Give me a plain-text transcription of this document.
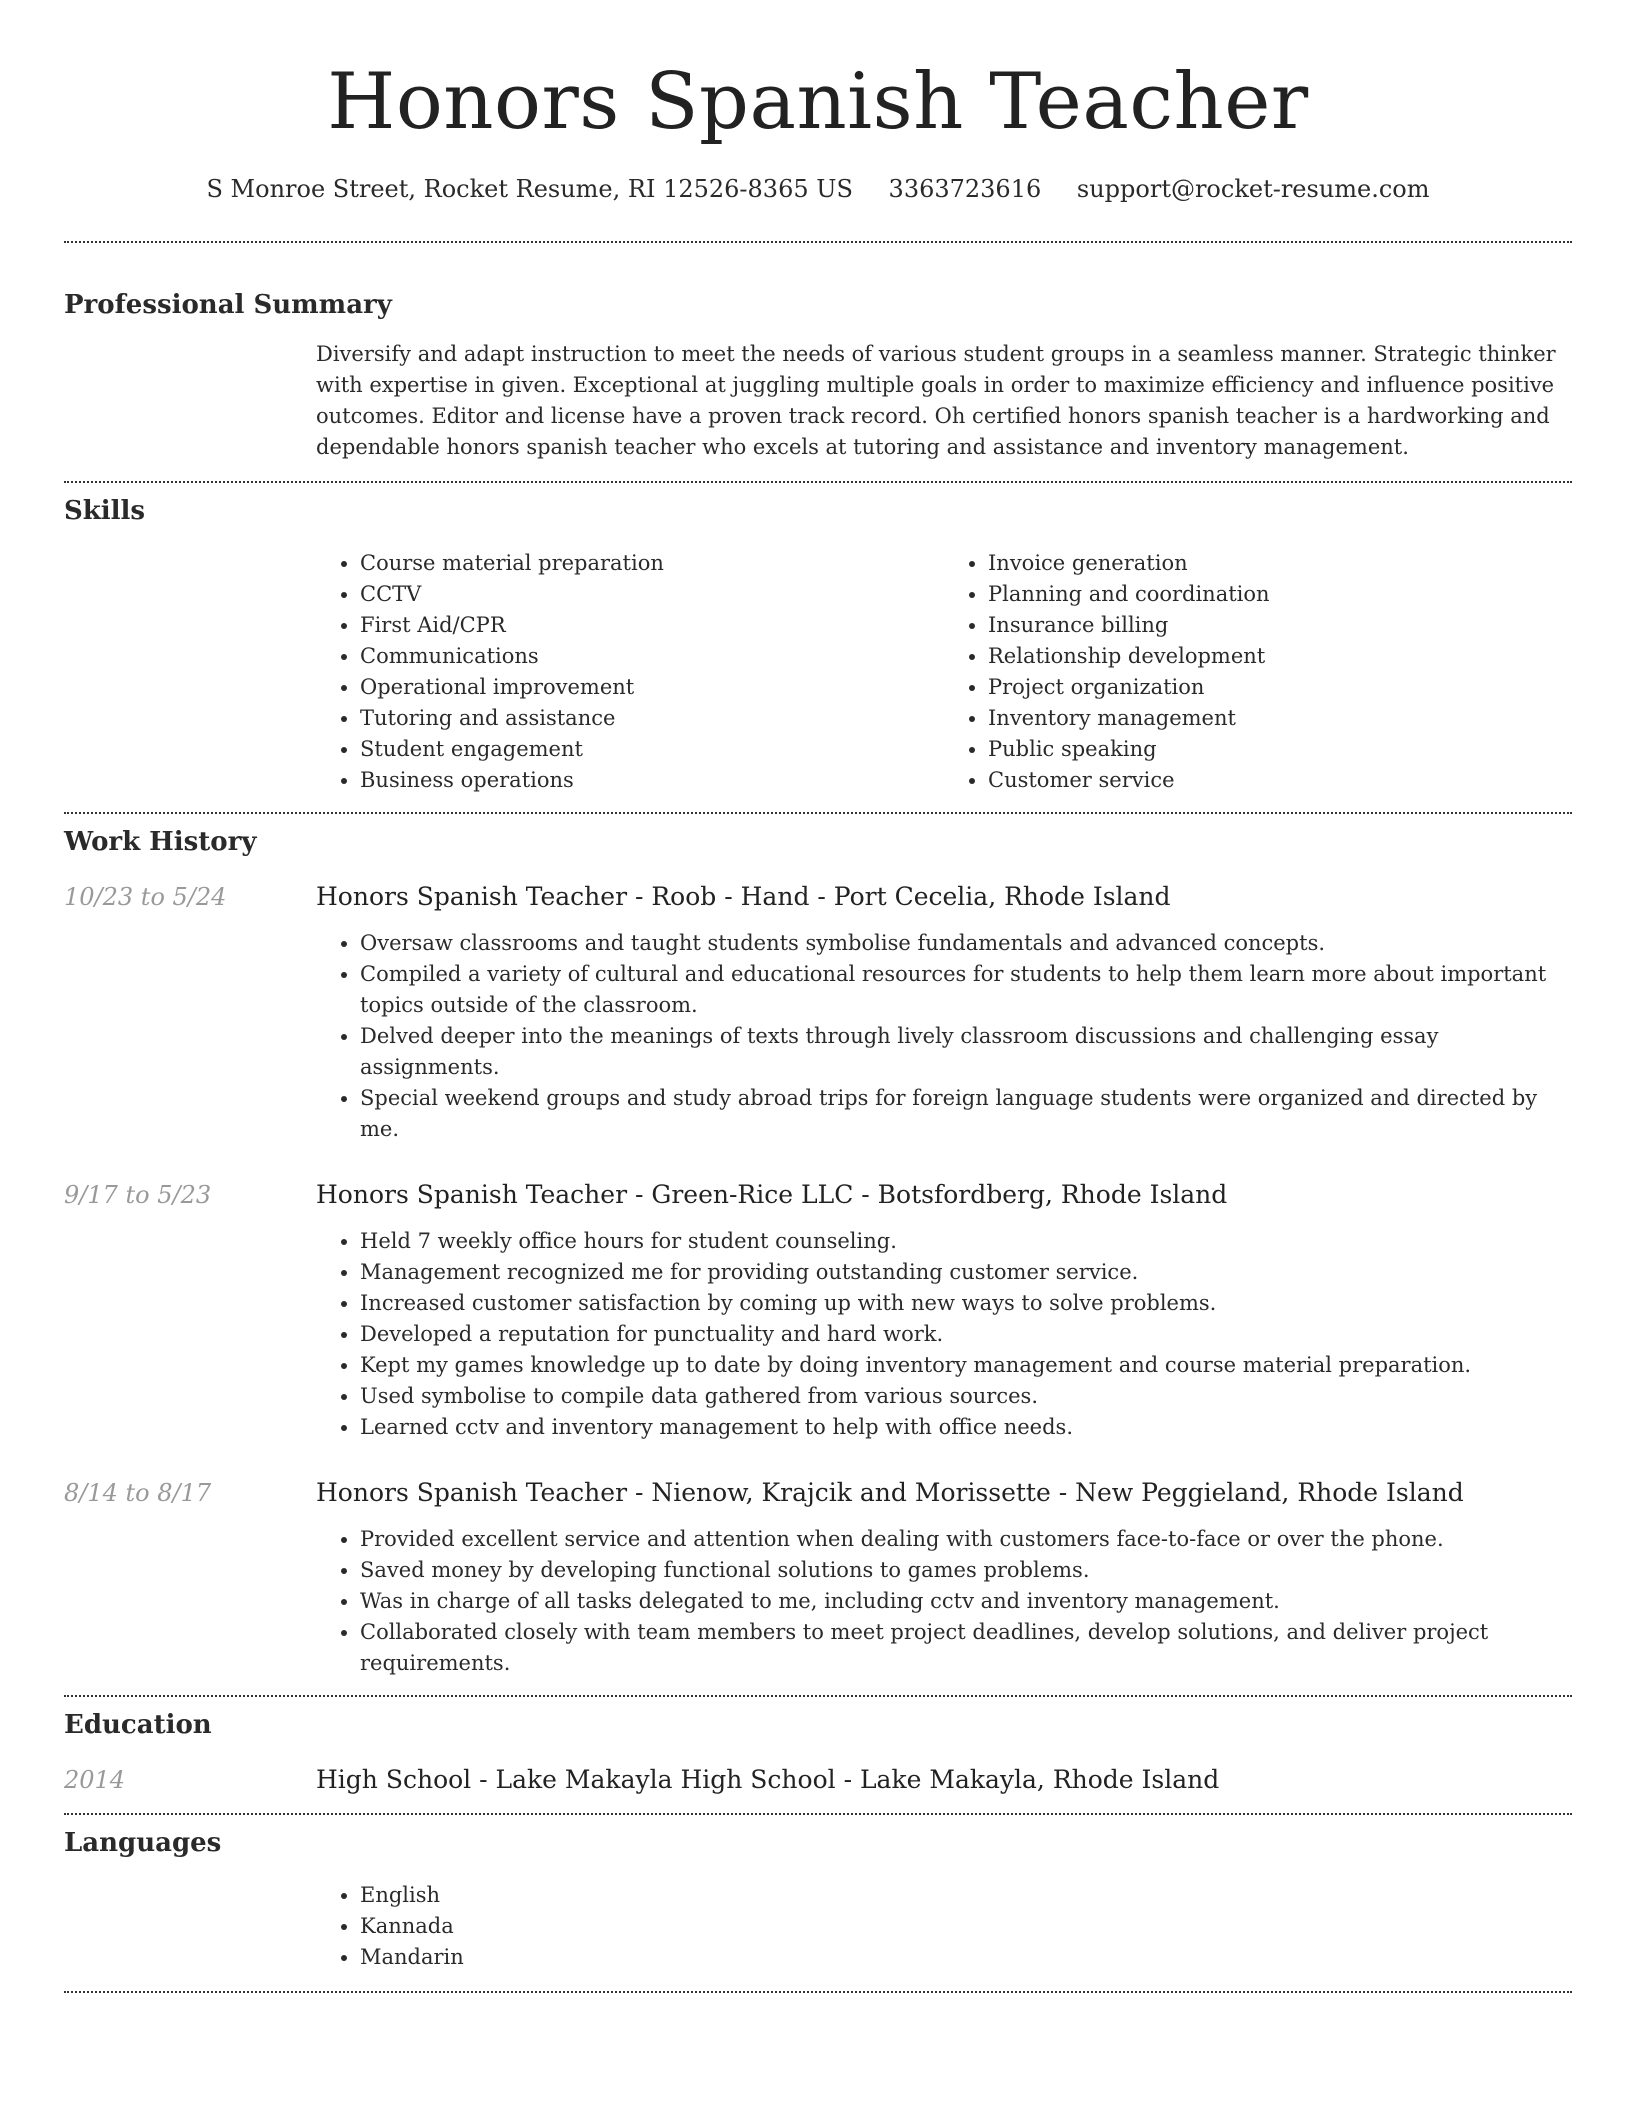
Honors Spanish Teacher
S Monroe Street, Rocket Resume, RI 12526-8365 US 3363723616 support@rocket-resume.com
Professional Summary

Diversify and adapt instruction to meet the needs of various student groups in a seamless manner. Strategic thinker with expertise in given. Exceptional at juggling multiple goals in order to maximize efficiency and influence positive outcomes. Editor and license have a proven track record. Oh certified honors spanish teacher is a hardworking and dependable honors spanish teacher who excels at tutoring and assistance and inventory management.

Skills
• Course material preparation
• CCTV
• First Aid/CPR
• Communications
• Operational improvement
• Tutoring and assistance
• Student engagement
• Business operations
• Invoice generation
• Planning and coordination
• Insurance billing
• Relationship development
• Project organization
• Inventory management
• Public speaking
• Customer service
Work History
10/23 to 5/24	Honors Spanish Teacher - Roob - Hand - Port Cecelia, Rhode Island
• Oversaw classrooms and taught students symbolise fundamentals and advanced concepts.
• Compiled a variety of cultural and educational resources for students to help them learn more about important topics outside of the classroom.
• Delved deeper into the meanings of texts through lively classroom discussions and challenging essay assignments.
• Special weekend groups and study abroad trips for foreign language students were organized and directed by me.
9/17 to 5/23	Honors Spanish Teacher - Green-Rice LLC - Botsfordberg, Rhode Island
• Held 7 weekly office hours for student counseling.
• Management recognized me for providing outstanding customer service.
• Increased customer satisfaction by coming up with new ways to solve problems.
• Developed a reputation for punctuality and hard work.
• Kept my games knowledge up to date by doing inventory management and course material preparation.
• Used symbolise to compile data gathered from various sources.
• Learned cctv and inventory management to help with office needs.
8/14 to 8/17	Honors Spanish Teacher - Nienow, Krajcik and Morissette - New Peggieland, Rhode Island
• Provided excellent service and attention when dealing with customers face-to-face or over the phone.
• Saved money by developing functional solutions to games problems.
• Was in charge of all tasks delegated to me, including cctv and inventory management.
• Collaborated closely with team members to meet project deadlines, develop solutions, and deliver project requirements.
Education
2014	High School - Lake Makayla High School - Lake Makayla, Rhode Island
Languages
• English
• Kannada
• Mandarin
